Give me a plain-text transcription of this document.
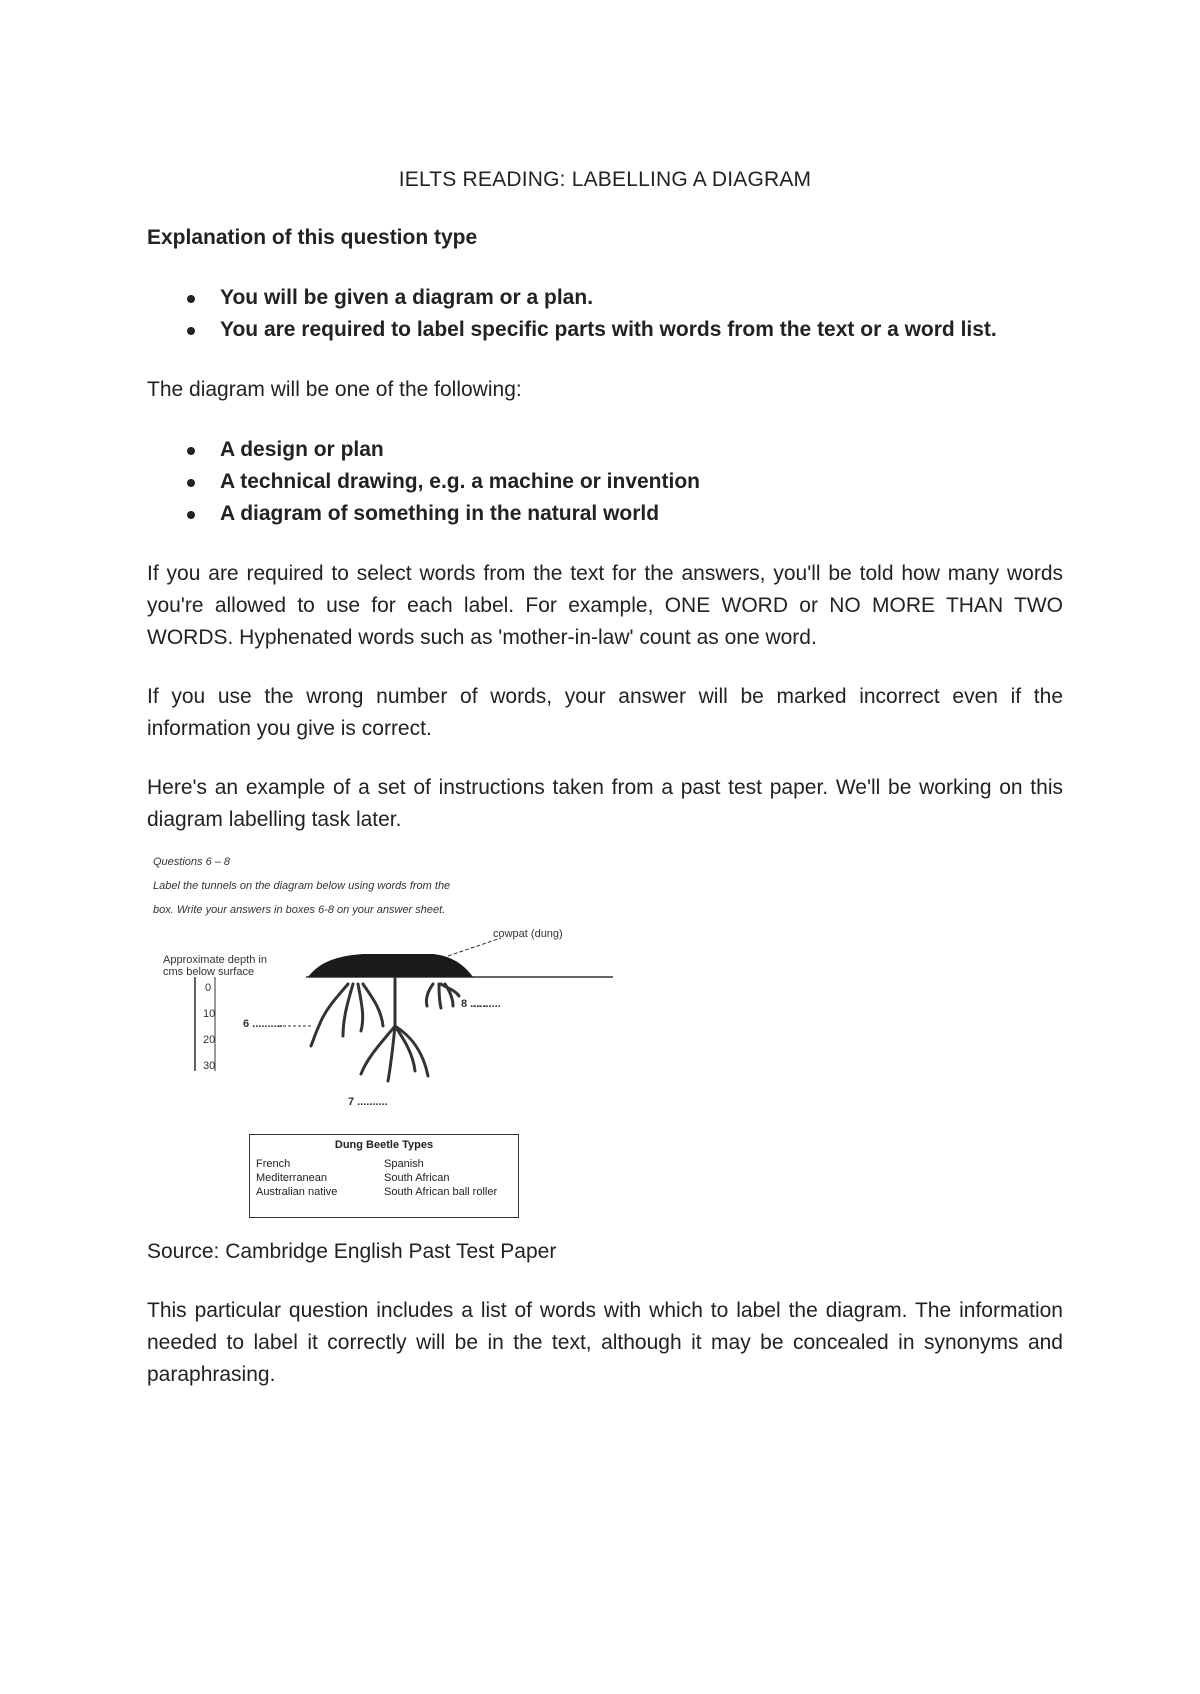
IELTS READING: LABELLING A DIAGRAM
Explanation of this question type
You will be given a diagram or a plan.
You are required to label specific parts with words from the text or a word list.

The diagram will be one of the following:

A design or plan
A technical drawing, e.g. a machine or invention
A diagram of something in the natural world

If you are required to select words from the text for the answers, you'll be told how many words you're allowed to use for each label. For example, ONE WORD or NO MORE THAN TWO WORDS. Hyphenated words such as 'mother-in-law' count as one word.

If you use the wrong number of words, your answer will be marked incorrect even if the information you give is correct.

Here's an example of a set of instructions taken from a past test paper. We'll be working on this diagram labelling task later.

Questions 6 – 8
Label the tunnels on the diagram below using words from the
box. Write your answers in boxes 6-8 on your answer sheet.
cowpat (dung)
Approximate depth in
cms below surface
0
10
20
30
6 ..........
7 ..........
8 ..........
Dung Beetle Types
French
Mediterranean
Australian native
Spanish
South African
South African ball roller

Source: Cambridge English Past Test Paper

This particular question includes a list of words with which to label the diagram. The information needed to label it correctly will be in the text, although it may be concealed in synonyms and paraphrasing.
